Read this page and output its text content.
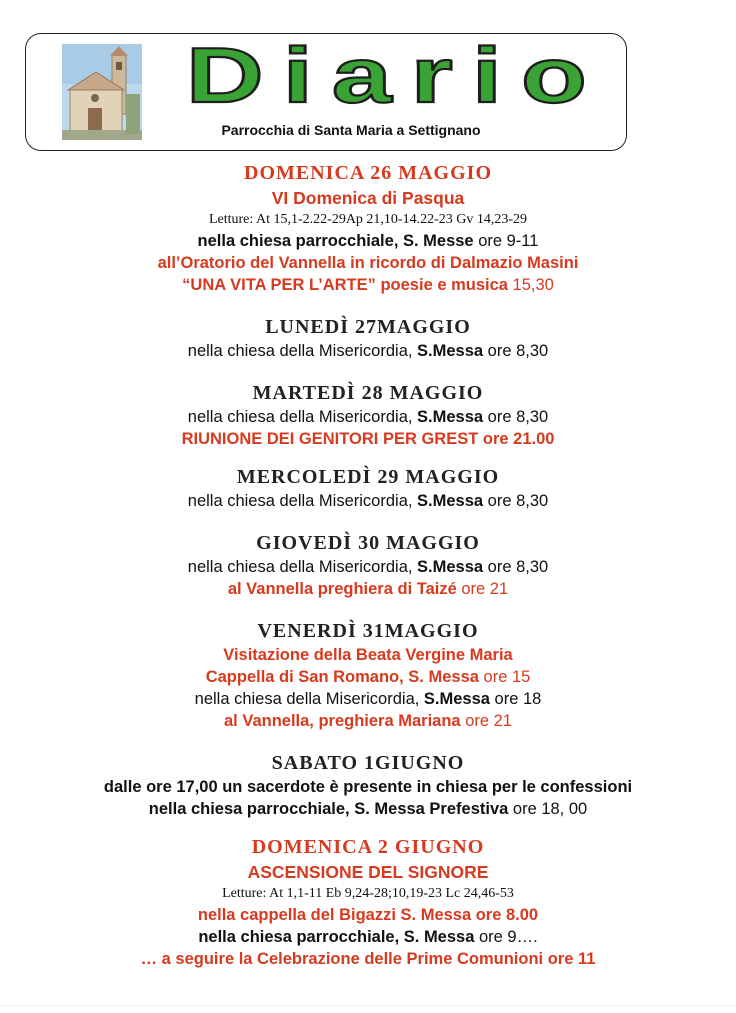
Diario
Parrocchia di Santa Maria a Settignano
DOMENICA 26 MAGGIO
VI Domenica di Pasqua
Letture: At 15,1-2.22-29Ap 21,10-14.22-23 Gv 14,23-29
nella chiesa parrocchiale, S. Messe ore 9-11
all’Oratorio del Vannella in ricordo di Dalmazio Masini
“UNA VITA PER L’ARTE” poesie e musica 15,30
LUNEDÌ 27MAGGIO
nella chiesa della Misericordia, S.Messa ore 8,30
MARTEDÌ 28 MAGGIO
nella chiesa della Misericordia, S.Messa ore 8,30
RIUNIONE DEI GENITORI PER GREST ore 21.00
MERCOLEDÌ 29 MAGGIO
nella chiesa della Misericordia, S.Messa ore 8,30
GIOVEDÌ 30 MAGGIO
nella chiesa della Misericordia, S.Messa ore 8,30
al Vannella preghiera di Taizé ore 21
VENERDÌ 31MAGGIO
Visitazione della Beata Vergine Maria
Cappella di San Romano, S. Messa ore 15
nella chiesa della Misericordia, S.Messa ore 18
al Vannella, preghiera Mariana ore 21
SABATO 1GIUGNO
dalle ore 17,00 un sacerdote è presente in chiesa per le confessioni
nella chiesa parrocchiale, S. Messa Prefestiva ore 18, 00
DOMENICA 2 GIUGNO
ASCENSIONE DEL SIGNORE
Letture: At 1,1-11 Eb 9,24-28;10,19-23 Lc 24,46-53
nella cappella del Bigazzi S. Messa ore 8.00
nella chiesa parrocchiale, S. Messa ore 9….
… a seguire la Celebrazione delle Prime Comunioni ore 11
